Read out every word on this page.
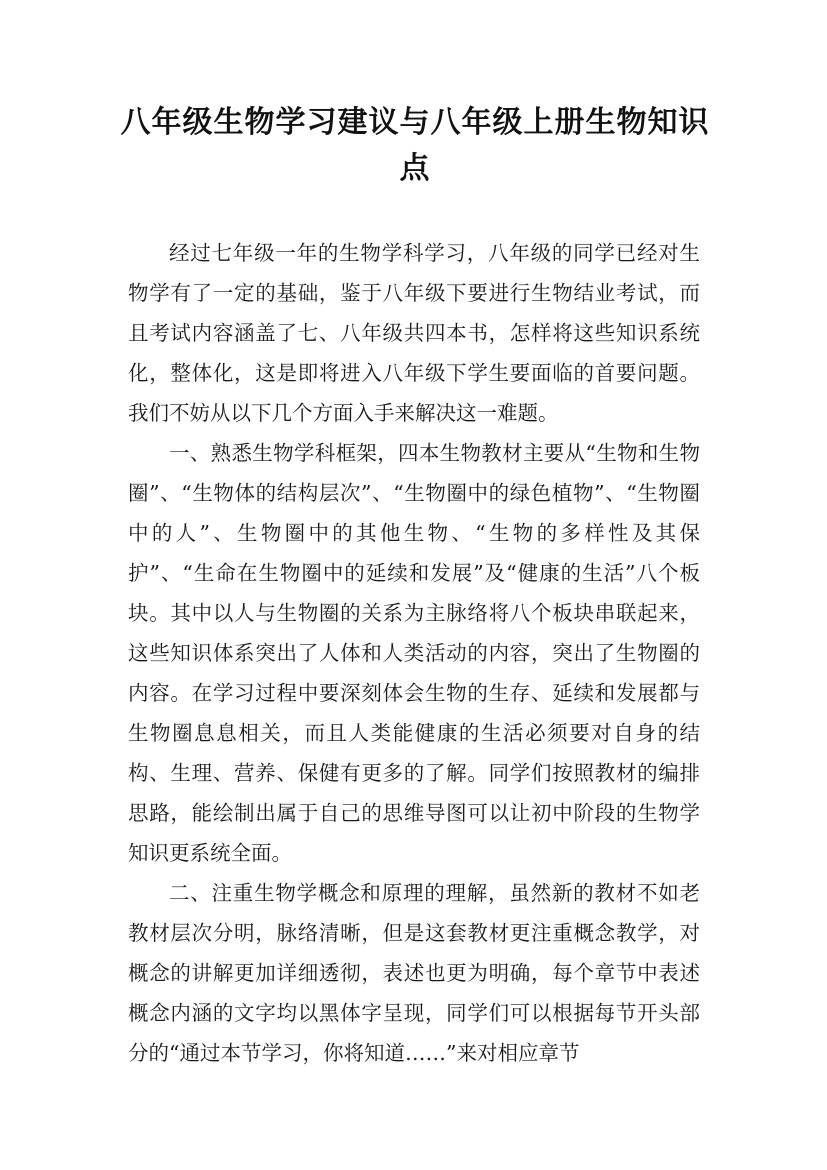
八年级生物学习建议与八年级上册生物知识点

经过七年级一年的生物学科学习，八年级的同学已经对生物学有了一定的基础，鉴于八年级下要进行生物结业考试，而且考试内容涵盖了七、八年级共四本书，怎样将这些知识系统化，整体化，这是即将进入八年级下学生要面临的首要问题。我们不妨从以下几个方面入手来解决这一难题。

一、熟悉生物学科框架，四本生物教材主要从“生物和生物圈”、“生物体的结构层次”、“生物圈中的绿色植物”、“生物圈中的人”、生物圈中的其他生物、“生物的多样性及其保护”、“生命在生物圈中的延续和发展”及“健康的生活”八个板块。其中以人与生物圈的关系为主脉络将八个板块串联起来，这些知识体系突出了人体和人类活动的内容，突出了生物圈的内容。在学习过程中要深刻体会生物的生存、延续和发展都与生物圈息息相关，而且人类能健康的生活必须要对自身的结构、生理、营养、保健有更多的了解。同学们按照教材的编排思路，能绘制出属于自己的思维导图可以让初中阶段的生物学知识更系统全面。

二、注重生物学概念和原理的理解，虽然新的教材不如老教材层次分明，脉络清晰，但是这套教材更注重概念教学，对概念的讲解更加详细透彻，表述也更为明确，每个章节中表述概念内涵的文字均以黑体字呈现，同学们可以根据每节开头部分的“通过本节学习，你将知道……”来对相应章节
